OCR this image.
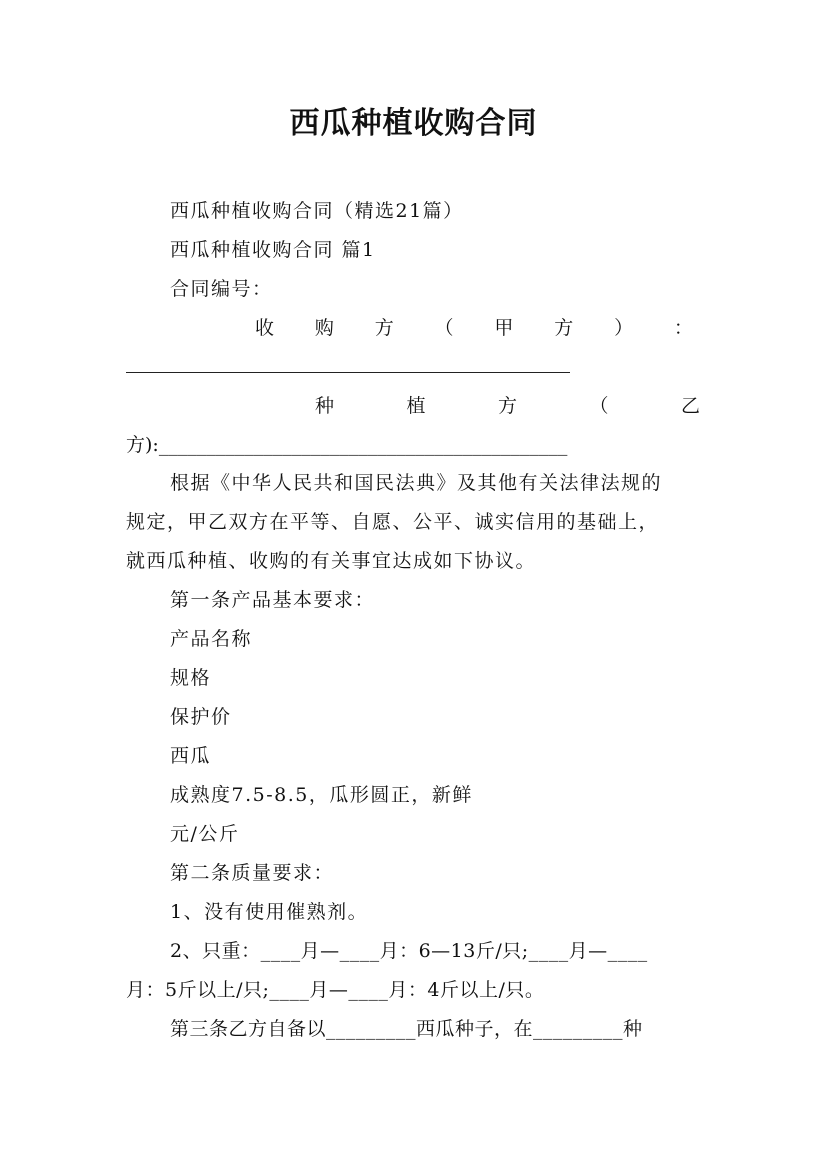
西瓜种植收购合同
西瓜种植收购合同（精选21篇）
西瓜种植收购合同 篇1
合同编号：
收 购 方 （ 甲 方 ） ：
种	植	方	（	乙
方):___________________________________________
根据《中华人民共和国民法典》及其他有关法律法规的
规定，甲乙双方在平等、自愿、公平、诚实信用的基础上，
就西瓜种植、收购的有关事宜达成如下协议。
第一条产品基本要求：
产品名称
规格
保护价
西瓜
成熟度7.5-8.5，瓜形圆正，新鲜
元/公斤
第二条质量要求：
1、没有使用催熟剂。
2、只重：____月—____月：6—13斤/只;____月—____
月：5斤以上/只;____月—____月：4斤以上/只。
第三条乙方自备以_________西瓜种子，在_________种
